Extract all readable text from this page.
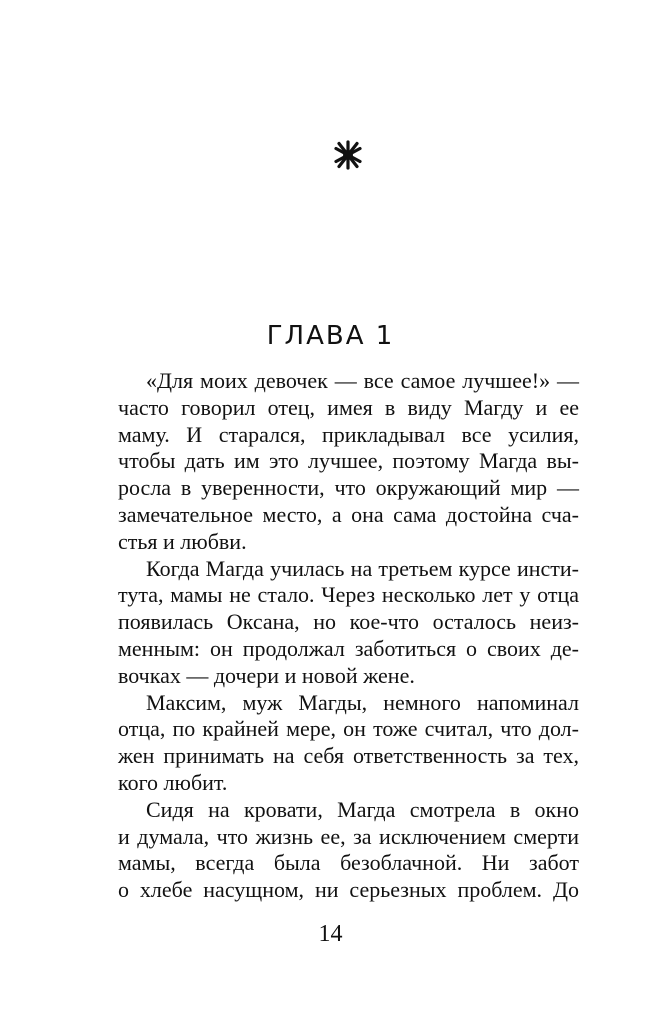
ГЛАВА 1
«Для моих девочек — все самое лучшее!» —
часто говорил отец, имея в виду Магду и ее
маму. И старался, прикладывал все усилия,
чтобы дать им это лучшее, поэтому Магда вы-
росла в уверенности, что окружающий мир —
замечательное место, а она сама достойна сча-
стья и любви.
Когда Магда училась на третьем курсе инсти-
тута, мамы не стало. Через несколько лет у отца
появилась Оксана, но кое-что осталось неиз-
менным: он продолжал заботиться о своих де-
вочках — дочери и новой жене.
Максим, муж Магды, немного напоминал
отца, по крайней мере, он тоже считал, что дол-
жен принимать на себя ответственность за тех,
кого любит.
Сидя на кровати, Магда смотрела в окно
и думала, что жизнь ее, за исключением смерти
мамы, всегда была безоблачной. Ни забот
о хлебе насущном, ни серьезных проблем. До
14
